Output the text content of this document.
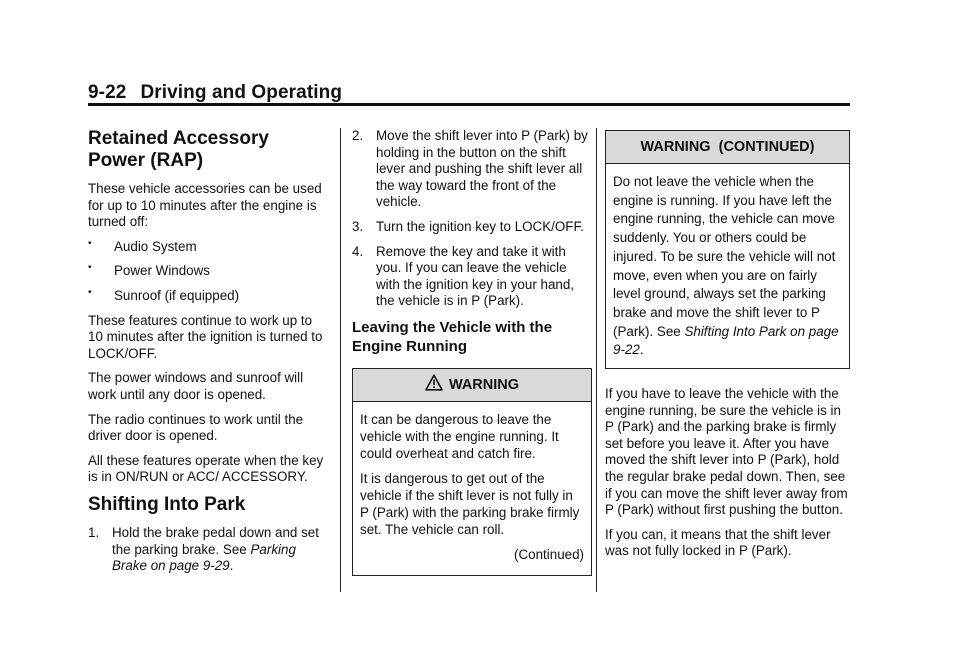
9-22 Driving and Operating
Retained Accessory Power (RAP)

These vehicle accessories can be used for up to 10 minutes after the engine is turned off:

• Audio System
• Power Windows
• Sunroof (if equipped)

These features continue to work up to 10 minutes after the ignition is turned to LOCK/OFF.

The power windows and sunroof will work until any door is opened.

The radio continues to work until the driver door is opened.

All these features operate when the key is in ON/RUN or ACC/ ACCESSORY.

Shifting Into Park
1. Hold the brake pedal down and set the parking brake. See Parking Brake on page 9-29.
2. Move the shift lever into P (Park) by holding in the button on the shift lever and pushing the shift lever all the way toward the front of the vehicle.
3. Turn the ignition key to LOCK/OFF.
4. Remove the key and take it with you. If you can leave the vehicle with the ignition key in your hand, the vehicle is in P (Park).
Leaving the Vehicle with the Engine Running
WARNING

It can be dangerous to leave the vehicle with the engine running. It could overheat and catch fire.

It is dangerous to get out of the vehicle if the shift lever is not fully in P (Park) with the parking brake firmly set. The vehicle can roll.

(Continued)

WARNING  (CONTINUED)

Do not leave the vehicle when the engine is running. If you have left the engine running, the vehicle can move suddenly. You or others could be injured. To be sure the vehicle will not move, even when you are on fairly level ground, always set the parking brake and move the shift lever to P (Park). See Shifting Into Park on page 9-22.

If you have to leave the vehicle with the engine running, be sure the vehicle is in P (Park) and the parking brake is firmly set before you leave it. After you have moved the shift lever into P (Park), hold the regular brake pedal down. Then, see if you can move the shift lever away from P (Park) without first pushing the button.

If you can, it means that the shift lever was not fully locked in P (Park).
